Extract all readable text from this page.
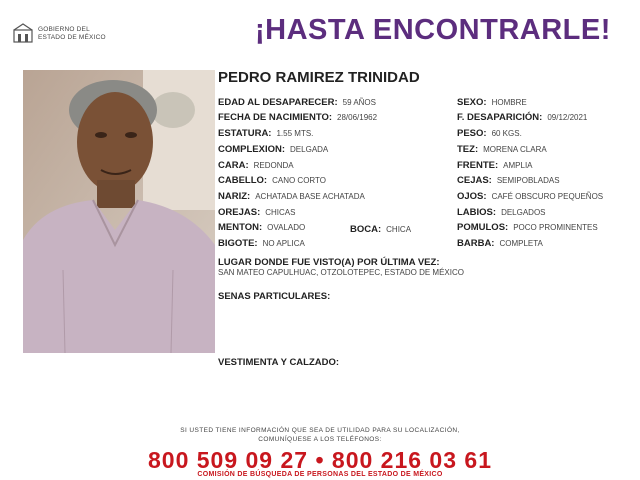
GOBIERNO DEL
ESTADO DE MÉXICO	¡HASTA ENCONTRARLE!
PEDRO RAMIREZ TRINIDAD
EDAD AL DESAPARECER: 59 AÑOS
FECHA DE NACIMIENTO: 28/06/1962
ESTATURA: 1.55 MTS.
COMPLEXION: DELGADA
CARA: REDONDA
CABELLO: CANO CORTO
NARIZ: ACHATADA BASE ACHATADA
OREJAS: CHICAS
MENTON: OVALADO	BOCA: CHICA
BIGOTE: NO APLICA
SEXO: HOMBRE
F. DESAPARICIÓN: 09/12/2021
PESO: 60 KGS.
TEZ: MORENA CLARA
FRENTE: AMPLIA
CEJAS: SEMIPOBLADAS
OJOS: CAFÉ OBSCURO PEQUEÑOS
LABIOS: DELGADOS
POMULOS: POCO PROMINENTES
BARBA: COMPLETA
LUGAR DONDE FUE VISTO(A) POR ÚLTIMA VEZ:
SAN MATEO CAPULHUAC, OTZOLOTEPEC, ESTADO DE MÉXICO
SENAS PARTICULARES:
VESTIMENTA Y CALZADO:
SI USTED TIENE INFORMACIÓN QUE SEA DE UTILIDAD PARA SU LOCALIZACIÓN,
COMUNÍQUESE A LOS TELÉFONOS:
800 509 09 27 • 800 216 03 61
COMISIÓN DE BÚSQUEDA DE PERSONAS DEL ESTADO DE MÉXICO
